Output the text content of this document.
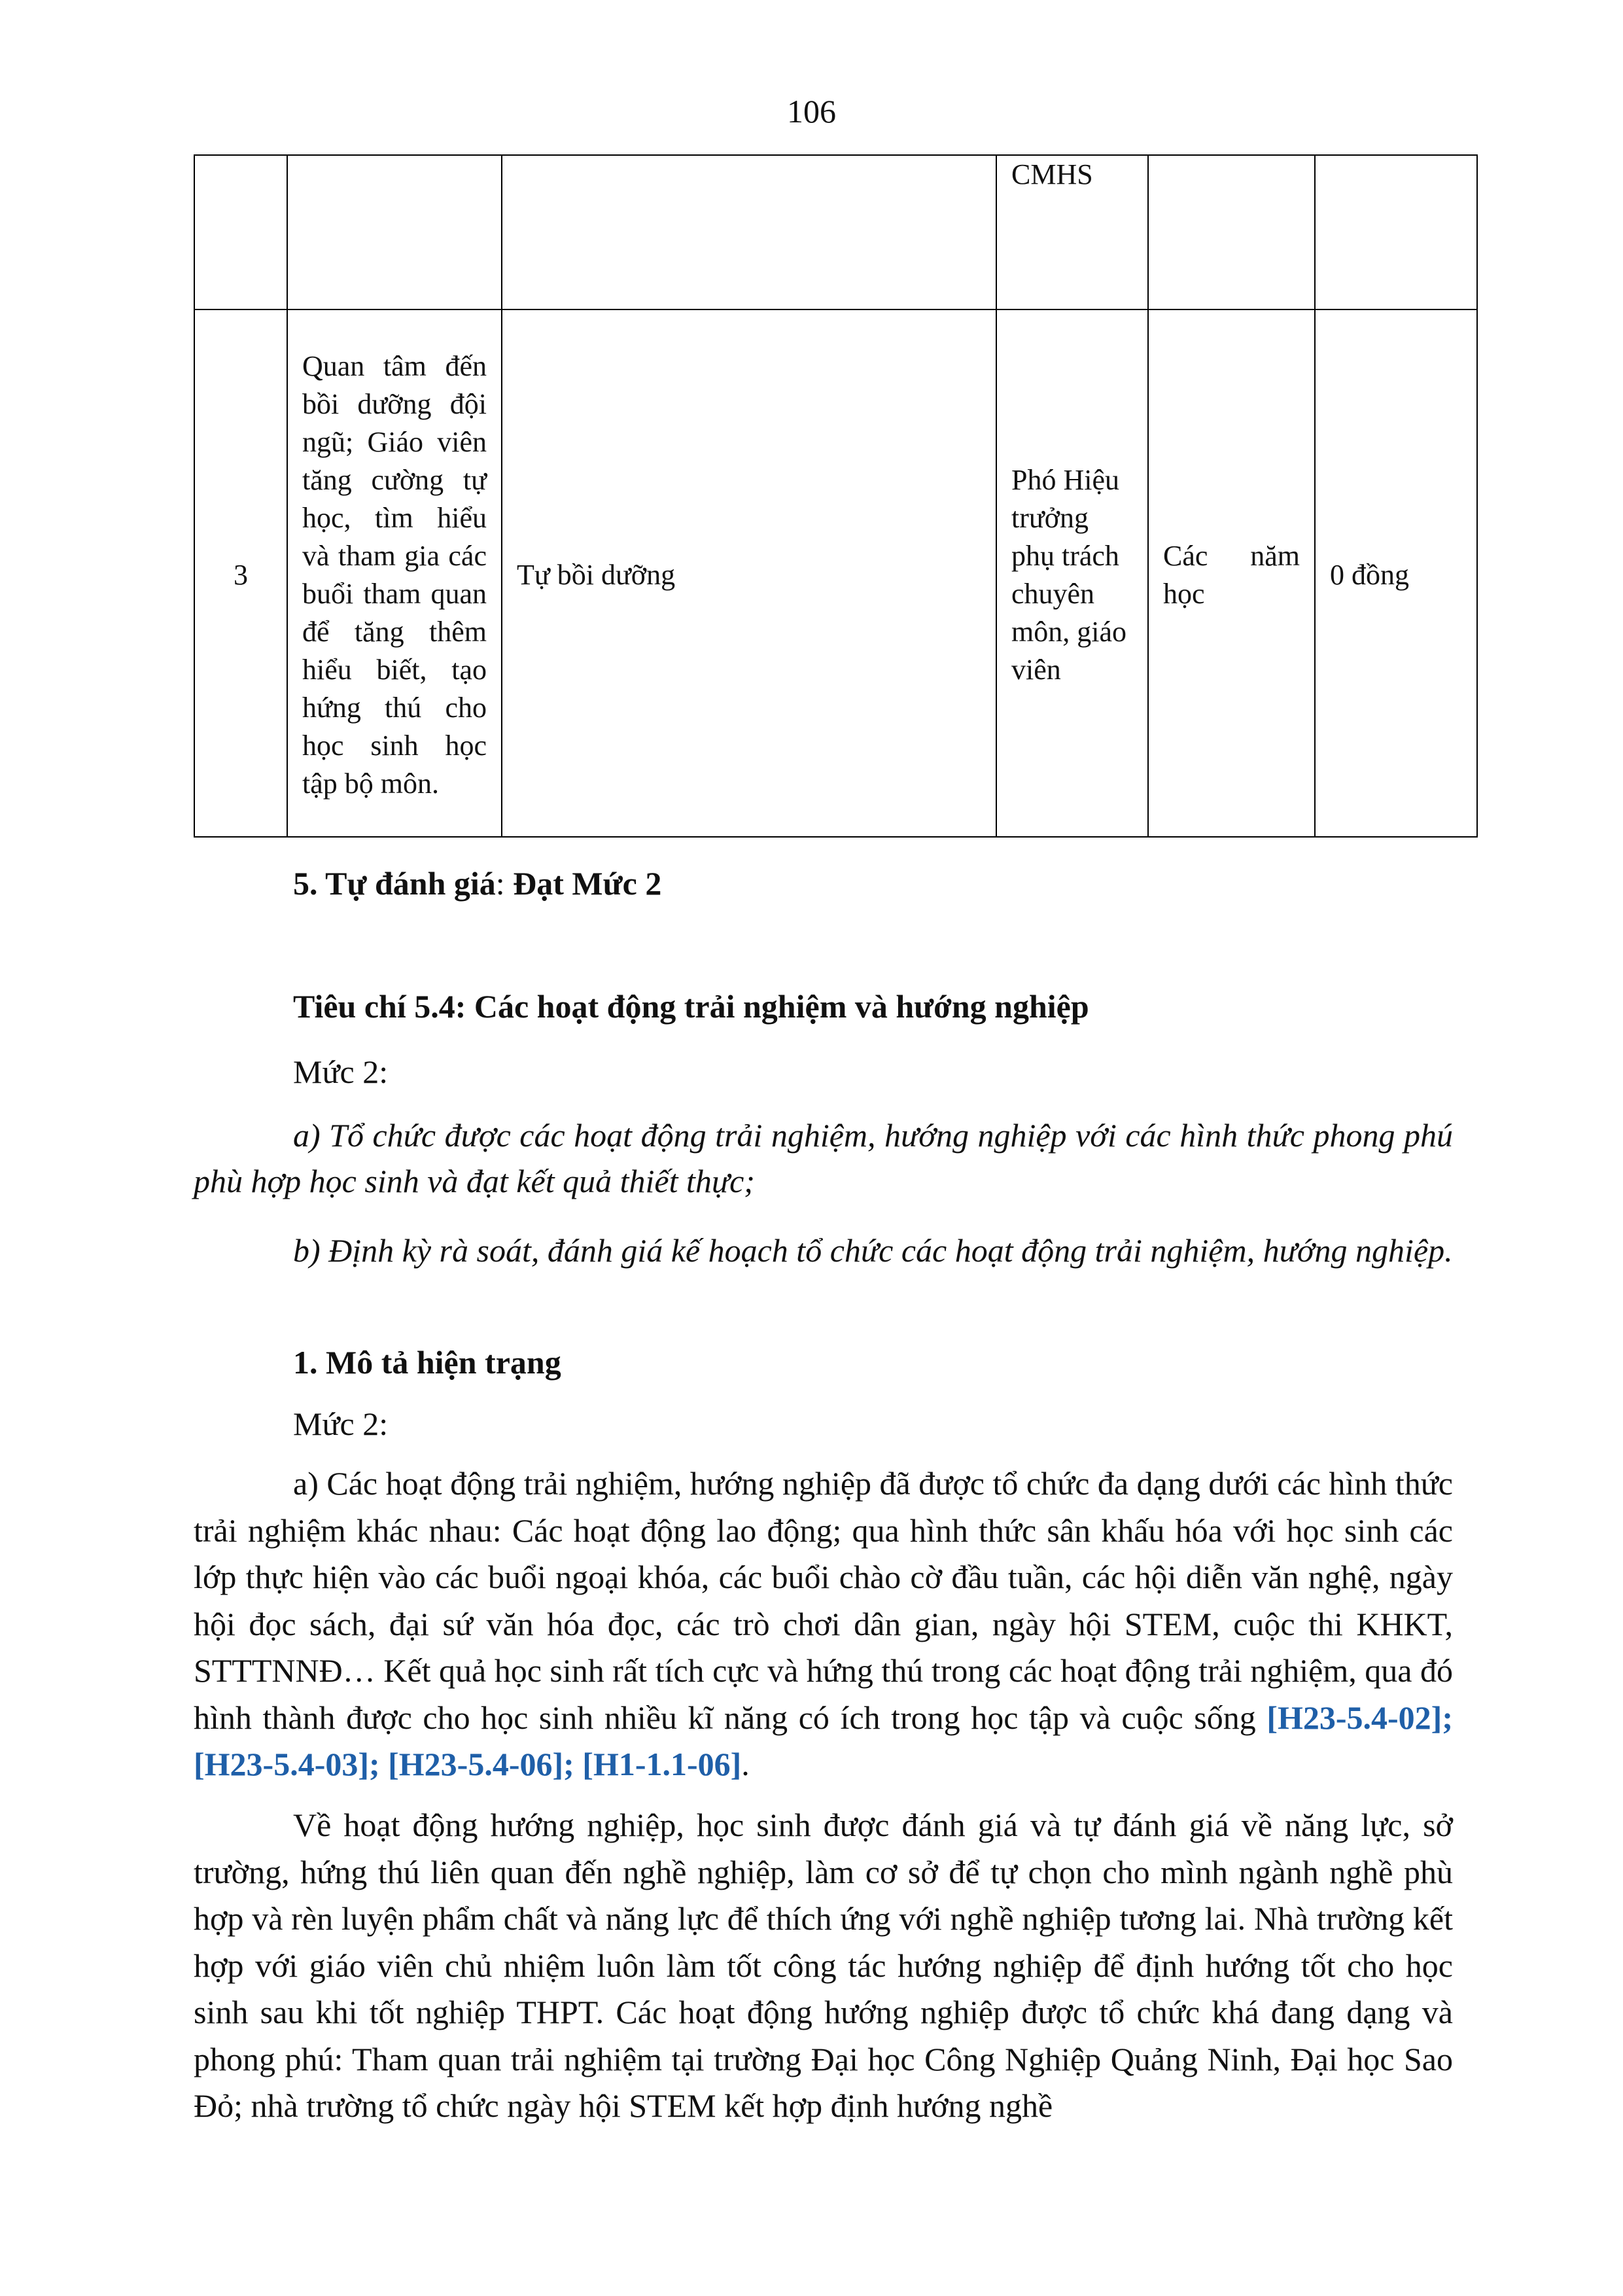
106
			CMHS		
3	Quan tâm đến bồi dưỡng đội ngũ; Giáo viên tăng cường tự học, tìm hiểu và tham gia các buổi tham quan để tăng thêm hiểu biết, tạo hứng thú cho học sinh học tập bộ môn.	Tự bồi dưỡng	Phó Hiệu trưởng phụ trách chuyên môn, giáo viên	Các năm học	0 đồng
5. Tự đánh giá: Đạt Mức 2
Tiêu chí 5.4: Các hoạt động trải nghiệm và hướng nghiệp
Mức 2:
a) Tổ chức được các hoạt động trải nghiệm, hướng nghiệp với các hình thức phong phú phù hợp học sinh và đạt kết quả thiết thực;
b) Định kỳ rà soát, đánh giá kế hoạch tổ chức các hoạt động trải nghiệm, hướng nghiệp.
1. Mô tả hiện trạng
Mức 2:
a) Các hoạt động trải nghiệm, hướng nghiệp đã được tổ chức đa dạng dưới các hình thức trải nghiệm khác nhau: Các hoạt động lao động; qua hình thức sân khấu hóa với học sinh các lớp thực hiện vào các buổi ngoại khóa, các buổi chào cờ đầu tuần, các hội diễn văn nghệ, ngày hội đọc sách, đại sứ văn hóa đọc, các trò chơi dân gian, ngày hội STEM, cuộc thi KHKT, STTTNNĐ… Kết quả học sinh rất tích cực và hứng thú trong các hoạt động trải nghiệm, qua đó hình thành được cho học sinh nhiều kĩ năng có ích trong học tập và cuộc sống [H23-5.4-02]; [H23-5.4-03]; [H23-5.4-06]; [H1-1.1-06].
Về hoạt động hướng nghiệp, học sinh được đánh giá và tự đánh giá về năng lực, sở trường, hứng thú liên quan đến nghề nghiệp, làm cơ sở để tự chọn cho mình ngành nghề phù hợp và rèn luyện phẩm chất và năng lực để thích ứng với nghề nghiệp tương lai. Nhà trường kết hợp với giáo viên chủ nhiệm luôn làm tốt công tác hướng nghiệp để định hướng tốt cho học sinh sau khi tốt nghiệp THPT. Các hoạt động hướng nghiệp được tổ chức khá đang dạng và phong phú: Tham quan trải nghiệm tại trường Đại học Công Nghiệp Quảng Ninh, Đại học Sao Đỏ; nhà trường tổ chức ngày hội STEM kết hợp định hướng nghề
